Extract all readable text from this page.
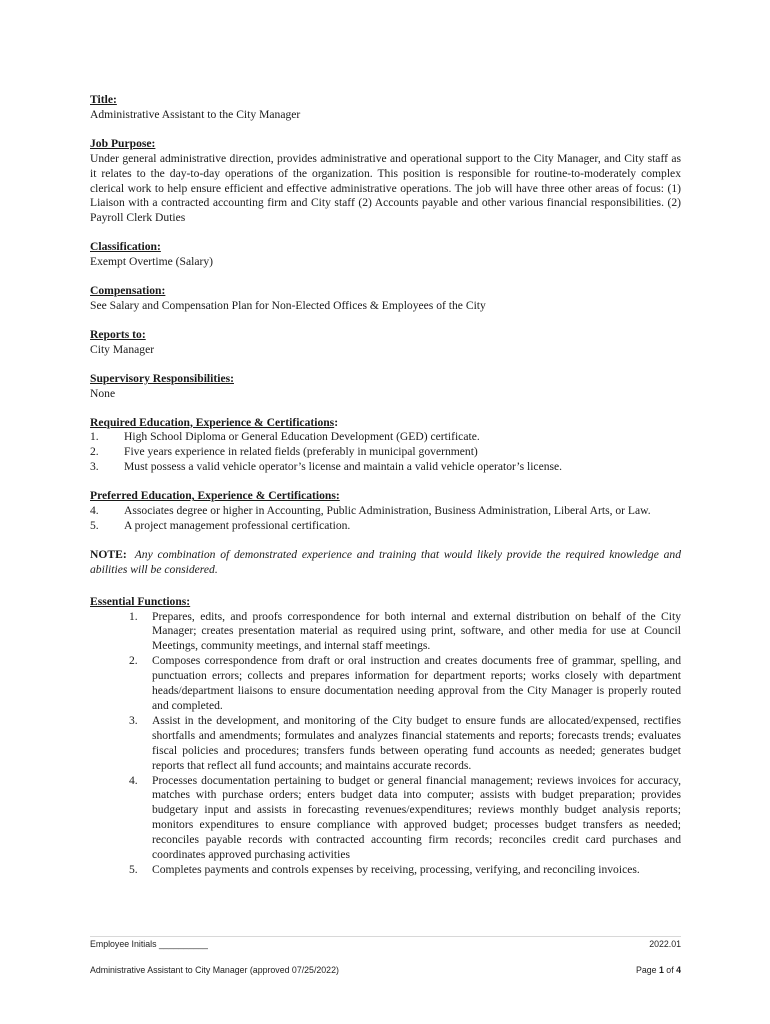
Title:

Administrative Assistant to the City Manager

Job Purpose:

Under general administrative direction, provides administrative and operational support to the City Manager, and City staff as it relates to the day-to-day operations of the organization. This position is responsible for routine-to-moderately complex clerical work to help ensure efficient and effective administrative operations. The job will have three other areas of focus: (1) Liaison with a contracted accounting firm and City staff (2) Accounts payable and other various financial responsibilities. (2) Payroll Clerk Duties

Classification:

Exempt Overtime (Salary)

Compensation:

See Salary and Compensation Plan for Non-Elected Offices & Employees of the City

Reports to:

City Manager

Supervisory Responsibilities:

None

Required Education, Experience & Certifications:
1.	High School Diploma or General Education Development (GED) certificate.
2.	Five years experience in related fields (preferably in municipal government)
3.	Must possess a valid vehicle operator’s license and maintain a valid vehicle operator’s license.
Preferred Education, Experience & Certifications:
4.	Associates degree or higher in Accounting, Public Administration, Business Administration, Liberal Arts, or Law.
5.	A project management professional certification.

NOTE: Any combination of demonstrated experience and training that would likely provide the required knowledge and abilities will be considered.

Essential Functions:
1.	Prepares, edits, and proofs correspondence for both internal and external distribution on behalf of the City Manager; creates presentation material as required using print, software, and other media for use at Council Meetings, community meetings, and internal staff meetings.
2.	Composes correspondence from draft or oral instruction and creates documents free of grammar, spelling, and punctuation errors; collects and prepares information for department reports; works closely with department heads/department liaisons to ensure documentation needing approval from the City Manager is properly routed and completed.
3.	Assist in the development, and monitoring of the City budget to ensure funds are allocated/expensed, rectifies shortfalls and amendments; formulates and analyzes financial statements and reports; forecasts trends; evaluates fiscal policies and procedures; transfers funds between operating fund accounts as needed; generates budget reports that reflect all fund accounts; and maintains accurate records.
4.	Processes documentation pertaining to budget or general financial management; reviews invoices for accuracy, matches with purchase orders; enters budget data into computer; assists with budget preparation; provides budgetary input and assists in forecasting revenues/expenditures; reviews monthly budget analysis reports; monitors expenditures to ensure compliance with approved budget; processes budget transfers as needed; reconciles payable records with contracted accounting firm records; reconciles credit card purchases and coordinates approved purchasing activities
5.	Completes payments and controls expenses by receiving, processing, verifying, and reconciling invoices.
Employee Initials __________	2022.01
Administrative Assistant to City Manager (approved 07/25/2022)	Page 1 of 4
